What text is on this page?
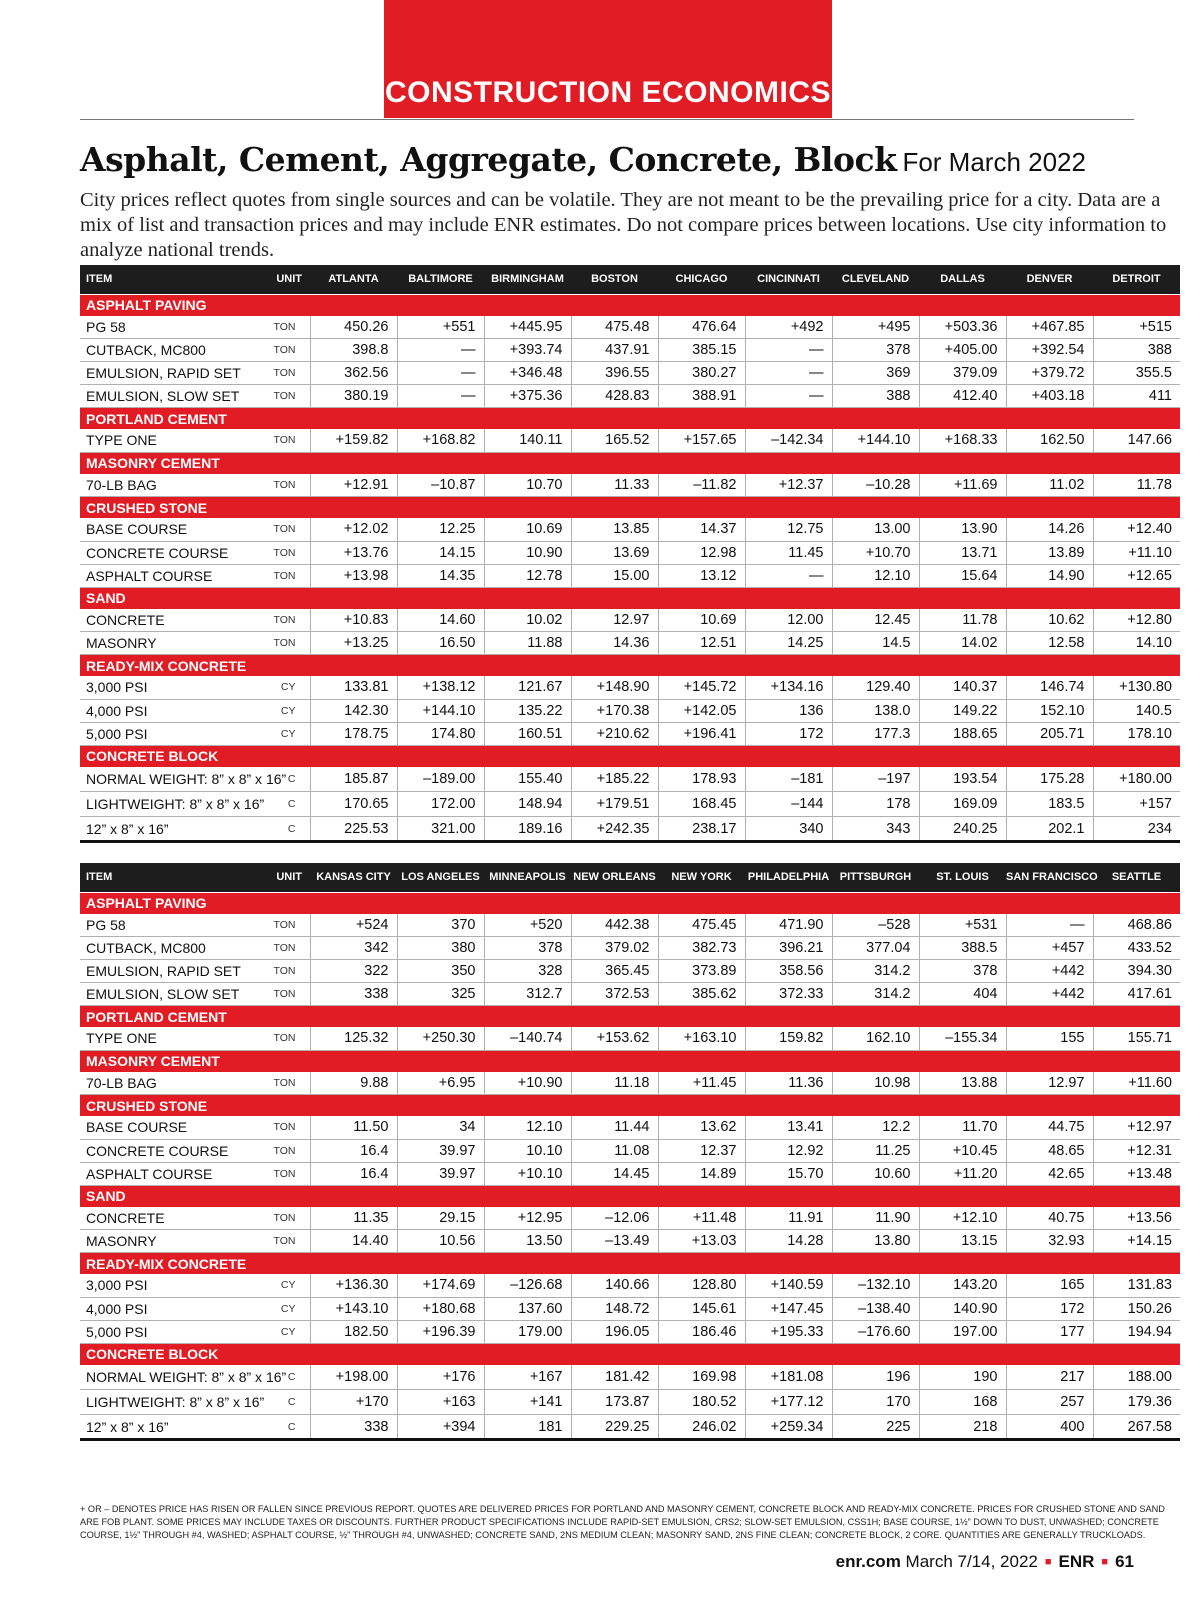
CONSTRUCTION ECONOMICS
Asphalt, Cement, Aggregate, Concrete, Block For March 2022

City prices reflect quotes from single sources and can be volatile. They are not meant to be the prevailing price for a city. Data are a mix of list and transaction prices and may include ENR estimates. Do not compare prices between locations. Use city information to analyze national trends.

ITEM	UNIT	ATLANTA	BALTIMORE	BIRMINGHAM	BOSTON	CHICAGO	CINCINNATI	CLEVELAND	DALLAS	DENVER	DETROIT
ASPHALT PAVING											
PG 58	TON	450.26	+551	+445.95	475.48	476.64	+492	+495	+503.36	+467.85	+515
CUTBACK, MC800	TON	398.8	—	+393.74	437.91	385.15	—	378	+405.00	+392.54	388
EMULSION, RAPID SET	TON	362.56	—	+346.48	396.55	380.27	—	369	379.09	+379.72	355.5
EMULSION, SLOW SET	TON	380.19	—	+375.36	428.83	388.91	—	388	412.40	+403.18	411
PORTLAND CEMENT											
TYPE ONE	TON	+159.82	+168.82	140.11	165.52	+157.65	–142.34	+144.10	+168.33	162.50	147.66
MASONRY CEMENT											
70-LB BAG	TON	+12.91	–10.87	10.70	11.33	–11.82	+12.37	–10.28	+11.69	11.02	11.78
CRUSHED STONE											
BASE COURSE	TON	+12.02	12.25	10.69	13.85	14.37	12.75	13.00	13.90	14.26	+12.40
CONCRETE COURSE	TON	+13.76	14.15	10.90	13.69	12.98	11.45	+10.70	13.71	13.89	+11.10
ASPHALT COURSE	TON	+13.98	14.35	12.78	15.00	13.12	—	12.10	15.64	14.90	+12.65
SAND											
CONCRETE	TON	+10.83	14.60	10.02	12.97	10.69	12.00	12.45	11.78	10.62	+12.80
MASONRY	TON	+13.25	16.50	11.88	14.36	12.51	14.25	14.5	14.02	12.58	14.10
READY-MIX CONCRETE											
3,000 PSI	CY	133.81	+138.12	121.67	+148.90	+145.72	+134.16	129.40	140.37	146.74	+130.80
4,000 PSI	CY	142.30	+144.10	135.22	+170.38	+142.05	136	138.0	149.22	152.10	140.5
5,000 PSI	CY	178.75	174.80	160.51	+210.62	+196.41	172	177.3	188.65	205.71	178.10
CONCRETE BLOCK											
NORMAL WEIGHT: 8” x 8” x 16”	C	185.87	–189.00	155.40	+185.22	178.93	–181	–197	193.54	175.28	+180.00
LIGHTWEIGHT: 8” x 8” x 16”	C	170.65	172.00	148.94	+179.51	168.45	–144	178	169.09	183.5	+157
12” x 8” x 16”	C	225.53	321.00	189.16	+242.35	238.17	340	343	240.25	202.1	234
ITEM	UNIT	KANSAS CITY	LOS ANGELES	MINNEAPOLIS	NEW ORLEANS	NEW YORK	PHILADELPHIA	PITTSBURGH	ST. LOUIS	SAN FRANCISCO	SEATTLE
ASPHALT PAVING											
PG 58	TON	+524	370	+520	442.38	475.45	471.90	–528	+531	—	468.86
CUTBACK, MC800	TON	342	380	378	379.02	382.73	396.21	377.04	388.5	+457	433.52
EMULSION, RAPID SET	TON	322	350	328	365.45	373.89	358.56	314.2	378	+442	394.30
EMULSION, SLOW SET	TON	338	325	312.7	372.53	385.62	372.33	314.2	404	+442	417.61
PORTLAND CEMENT											
TYPE ONE	TON	125.32	+250.30	–140.74	+153.62	+163.10	159.82	162.10	–155.34	155	155.71
MASONRY CEMENT											
70-LB BAG	TON	9.88	+6.95	+10.90	11.18	+11.45	11.36	10.98	13.88	12.97	+11.60
CRUSHED STONE											
BASE COURSE	TON	11.50	34	12.10	11.44	13.62	13.41	12.2	11.70	44.75	+12.97
CONCRETE COURSE	TON	16.4	39.97	10.10	11.08	12.37	12.92	11.25	+10.45	48.65	+12.31
ASPHALT COURSE	TON	16.4	39.97	+10.10	14.45	14.89	15.70	10.60	+11.20	42.65	+13.48
SAND											
CONCRETE	TON	11.35	29.15	+12.95	–12.06	+11.48	11.91	11.90	+12.10	40.75	+13.56
MASONRY	TON	14.40	10.56	13.50	–13.49	+13.03	14.28	13.80	13.15	32.93	+14.15
READY-MIX CONCRETE											
3,000 PSI	CY	+136.30	+174.69	–126.68	140.66	128.80	+140.59	–132.10	143.20	165	131.83
4,000 PSI	CY	+143.10	+180.68	137.60	148.72	145.61	+147.45	–138.40	140.90	172	150.26
5,000 PSI	CY	182.50	+196.39	179.00	196.05	186.46	+195.33	–176.60	197.00	177	194.94
CONCRETE BLOCK											
NORMAL WEIGHT: 8” x 8” x 16”	C	+198.00	+176	+167	181.42	169.98	+181.08	196	190	217	188.00
LIGHTWEIGHT: 8” x 8” x 16”	C	+170	+163	+141	173.87	180.52	+177.12	170	168	257	179.36
12” x 8” x 16”	C	338	+394	181	229.25	246.02	+259.34	225	218	400	267.58

+ OR – DENOTES PRICE HAS RISEN OR FALLEN SINCE PREVIOUS REPORT. QUOTES ARE DELIVERED PRICES FOR PORTLAND AND MASONRY CEMENT, CONCRETE BLOCK AND READY-MIX CONCRETE. PRICES FOR CRUSHED STONE AND SAND ARE FOB PLANT. SOME PRICES MAY INCLUDE TAXES OR DISCOUNTS. FURTHER PRODUCT SPECIFICATIONS INCLUDE RAPID-SET EMULSION, CRS2; SLOW-SET EMULSION, CSS1H; BASE COURSE, 1½” DOWN TO DUST, UNWASHED; CONCRETE COURSE, 1½” THROUGH #4, WASHED; ASPHALT COURSE, ½” THROUGH #4, UNWASHED; CONCRETE SAND, 2NS MEDIUM CLEAN; MASONRY SAND, 2NS FINE CLEAN; CONCRETE BLOCK, 2 CORE. QUANTITIES ARE GENERALLY TRUCKLOADS.

enr.com March 7/14, 2022 ■ ENR ■ 61
